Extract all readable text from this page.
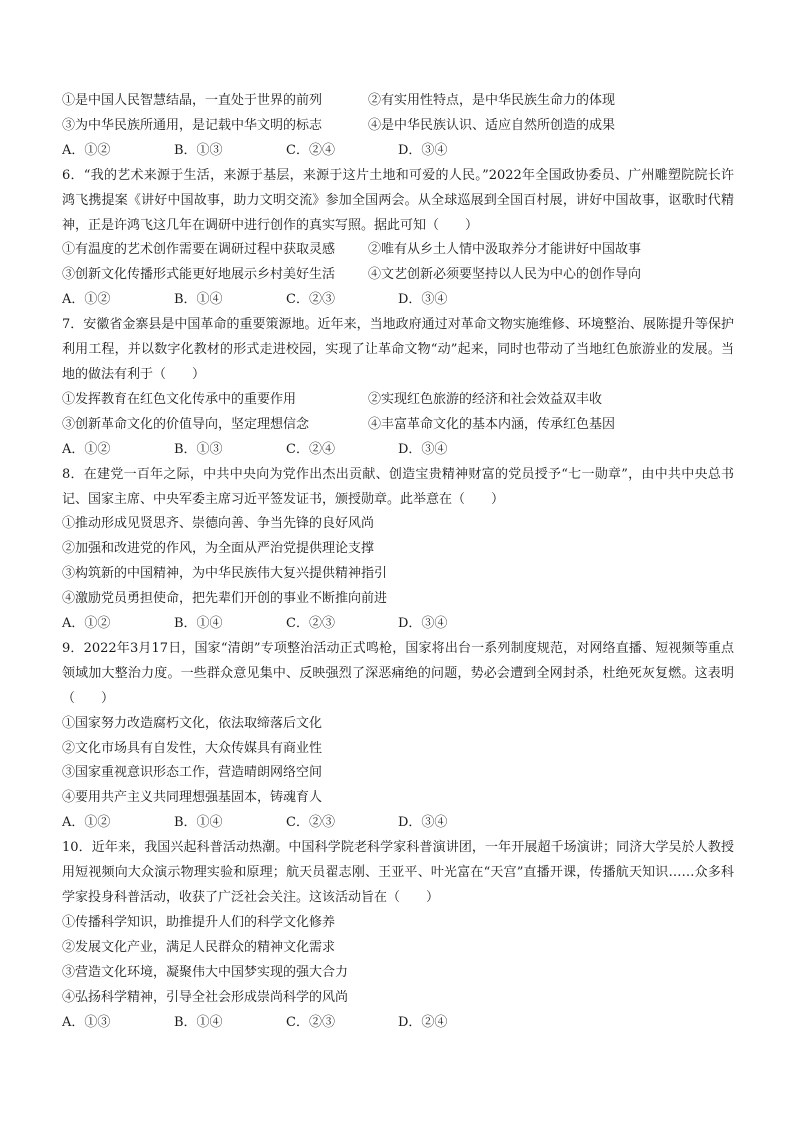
①是中国人民智慧结晶，一直处于世界的前列	②有实用性特点，是中华民族生命力的体现
③为中华民族所通用，是记载中华文明的标志	④是中华民族认识、适应自然所创造的成果
A．①②	B．①③	C．②④	D．③④
6．“我的艺术来源于生活，来源于基层，来源于这片土地和可爱的人民。”2022年全国政协委员、广州雕塑院院长许鸿飞携提案《讲好中国故事，助力文明交流》参加全国两会。从全球巡展到全国百村展，讲好中国故事，讴歌时代精神，正是许鸿飞这几年在调研中进行创作的真实写照。据此可知（　　）
①有温度的艺术创作需要在调研过程中获取灵感	②唯有从乡土人情中汲取养分才能讲好中国故事
③创新文化传播形式能更好地展示乡村美好生活	④文艺创新必须要坚持以人民为中心的创作导向
A．①②	B．①④	C．②③	D．③④
7．安徽省金寨县是中国革命的重要策源地。近年来，当地政府通过对革命文物实施维修、环境整治、展陈提升等保护利用工程，并以数字化教材的形式走进校园，实现了让革命文物“动”起来，同时也带动了当地红色旅游业的发展。当地的做法有利于（　　）
①发挥教育在红色文化传承中的重要作用	②实现红色旅游的经济和社会效益双丰收
③创新革命文化的价值导向，坚定理想信念	④丰富革命文化的基本内涵，传承红色基因
A．①②	B．①③	C．②④	D．③④
8．在建党一百年之际，中共中央向为党作出杰出贡献、创造宝贵精神财富的党员授予“七一勋章”，由中共中央总书记、国家主席、中央军委主席习近平签发证书，颁授勋章。此举意在（　　）
①推动形成见贤思齐、崇德向善、争当先锋的良好风尚
②加强和改进党的作风，为全面从严治党提供理论支撑
③构筑新的中国精神，为中华民族伟大复兴提供精神指引
④激励党员勇担使命，把先辈们开创的事业不断推向前进
A．①②	B．①④	C．②③	D．③④
9．2022年3月17日，国家“清朗”专项整治活动正式鸣枪，国家将出台一系列制度规范，对网络直播、短视频等重点领域加大整治力度。一些群众意见集中、反映强烈了深恶痛绝的问题，势必会遭到全网封杀，杜绝死灰复燃。这表明（　　）
①国家努力改造腐朽文化，依法取缔落后文化
②文化市场具有自发性，大众传媒具有商业性
③国家重视意识形态工作，营造晴朗网络空间
④要用共产主义共同理想强基固本，铸魂育人
A．①②	B．①④	C．②③	D．③④
10．近年来，我国兴起科普活动热潮。中国科学院老科学家科普演讲团，一年开展超千场演讲；同济大学吴於人教授用短视频向大众演示物理实验和原理；航天员翟志刚、王亚平、叶光富在“天宫”直播开课，传播航天知识……众多科学家投身科普活动，收获了广泛社会关注。这该活动旨在（　　）
①传播科学知识，助推提升人们的科学文化修养
②发展文化产业，满足人民群众的精神文化需求
③营造文化环境，凝聚伟大中国梦实现的强大合力
④弘扬科学精神，引导全社会形成崇尚科学的风尚
A．①③	B．①④	C．②③	D．②④
